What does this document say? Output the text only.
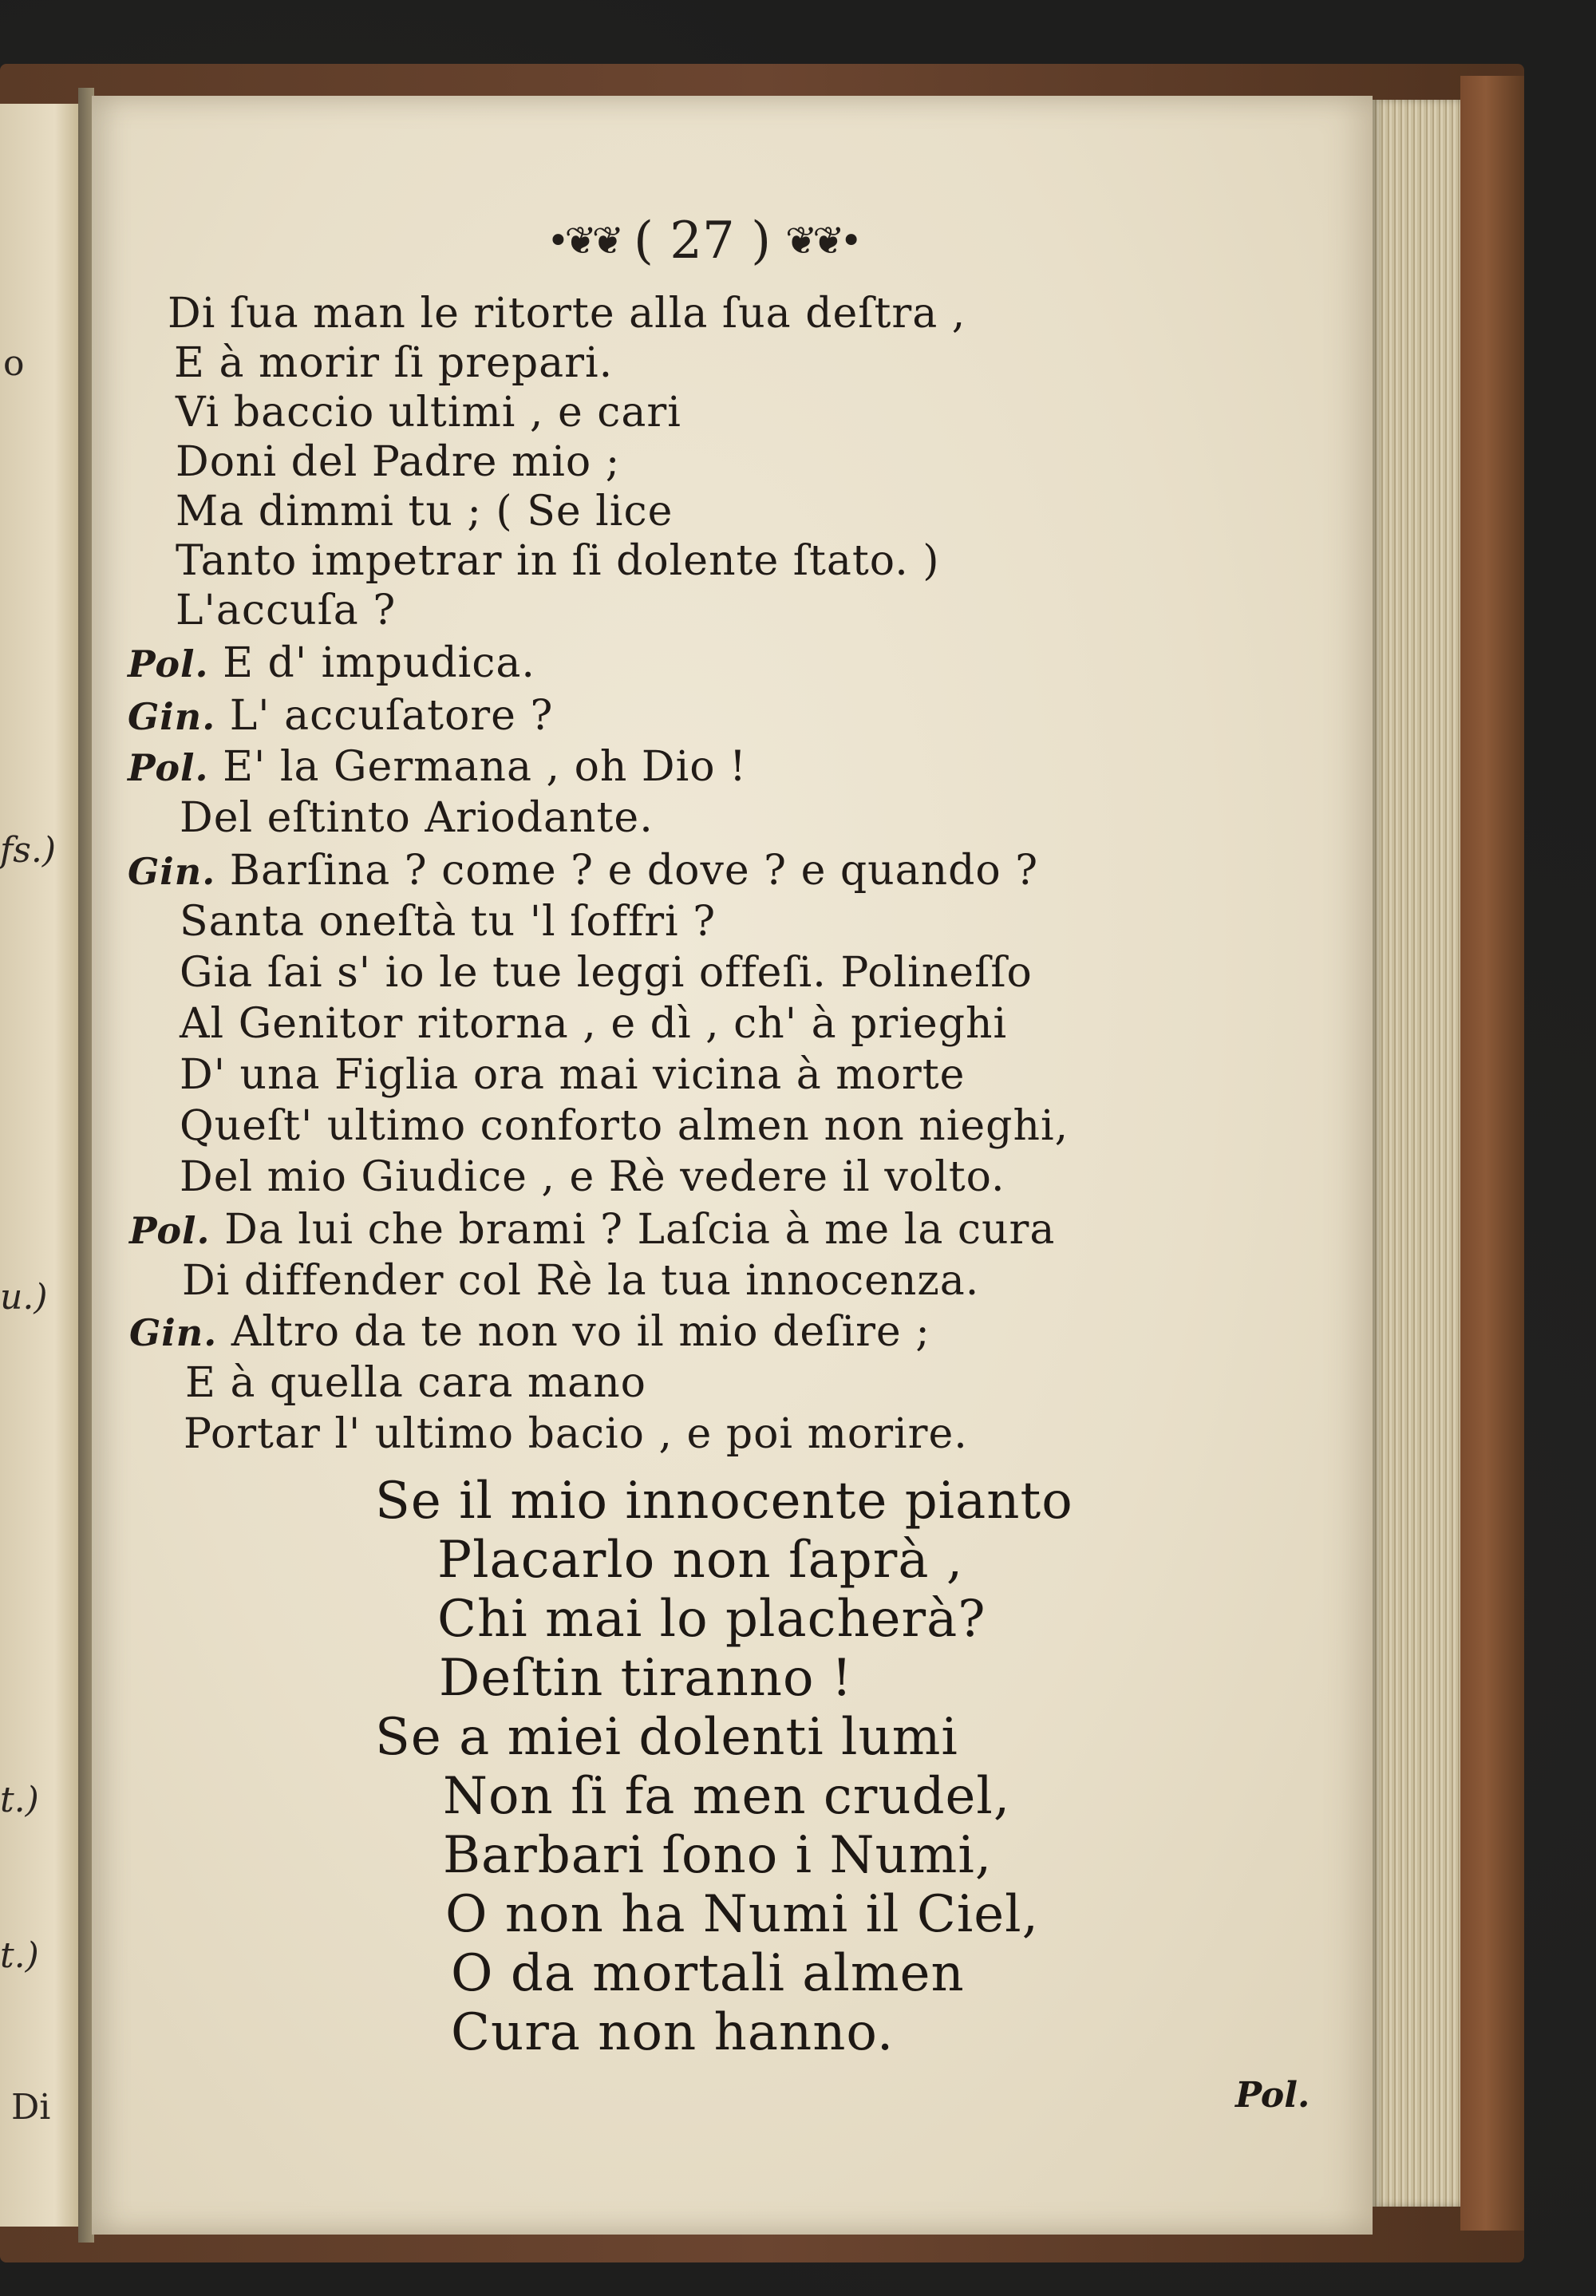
o
fs.)
u.)
t.)
t.)
Di
•❦❦ ( 27 ) ❦❦•
Di ſua man le ritorte alla ſua deſtra ,
E à morir ſi prepari.
Vi baccio ultimi , e cari
Doni del Padre mio ;
Ma dimmi tu ; ( Se lice
Tanto impetrar in ſi dolente ſtato. )
L'accuſa ?
Pol. E d' impudica.
Gin. L' accuſatore ?
Pol. E' la Germana , oh Dio !
Del eſtinto Ariodante.
Gin. Barſina ? come ? e dove ? e quando ?
Santa oneſtà tu 'l ſoffri ?
Gia ſai s' io le tue leggi offeſi. Polineſſo
Al Genitor ritorna , e dì , ch' à prieghi
D' una Figlia ora mai vicina à morte
Queſt' ultimo conforto almen non nieghi,
Del mio Giudice , e Rè vedere il volto.
Pol. Da lui che brami ? Laſcia à me la cura
Di diffender col Rè la tua innocenza.
Gin. Altro da te non vo il mio deſire ;
E à quella cara mano
Portar l' ultimo bacio , e poi morire.
Se il mio innocente pianto
Placarlo non ſaprà ,
Chi mai lo placherà?
Deſtin tiranno !
Se a miei dolenti lumi
Non ſi fa men crudel,
Barbari ſono i Numi,
O non ha Numi il Ciel,
O da mortali almen
Cura non hanno.
Pol.
